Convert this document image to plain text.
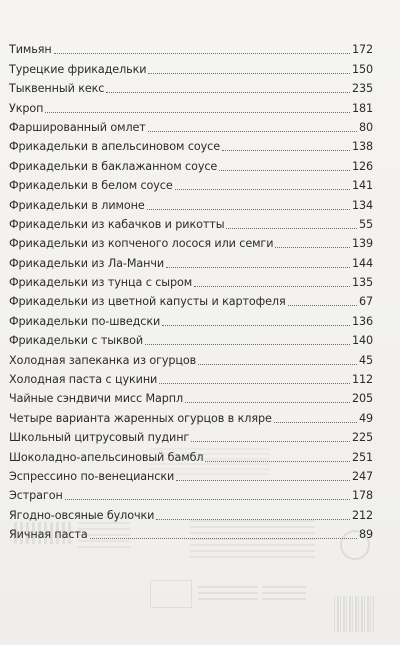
Тимьян	172
Турецкие фрикадельки	150
Тыквенный кекс	235
Укроп	181
Фаршированный омлет	80
Фрикадельки в апельсиновом соусе	138
Фрикадельки в баклажанном соусе	126
Фрикадельки в белом соусе	141
Фрикадельки в лимоне	134
Фрикадельки из кабачков и рикотты	55
Фрикадельки из копченого лосося или семги	139
Фрикадельки из Ла-Манчи	144
Фрикадельки из тунца с сыром	135
Фрикадельки из цветной капусты и картофеля	67
Фрикадельки по-шведски	136
Фрикадельки с тыквой	140
Холодная запеканка из огурцов	45
Холодная паста с цукини	112
Чайные сэндвичи мисс Марпл	205
Четыре варианта жаренных огурцов в кляре	49
Школьный цитрусовый пудинг	225
Шоколадно-апельсиновый бамбл	251
Эспрессино по-венециански	247
Эстрагон	178
Ягодно-овсяные булочки	212
Яичная паста	89
